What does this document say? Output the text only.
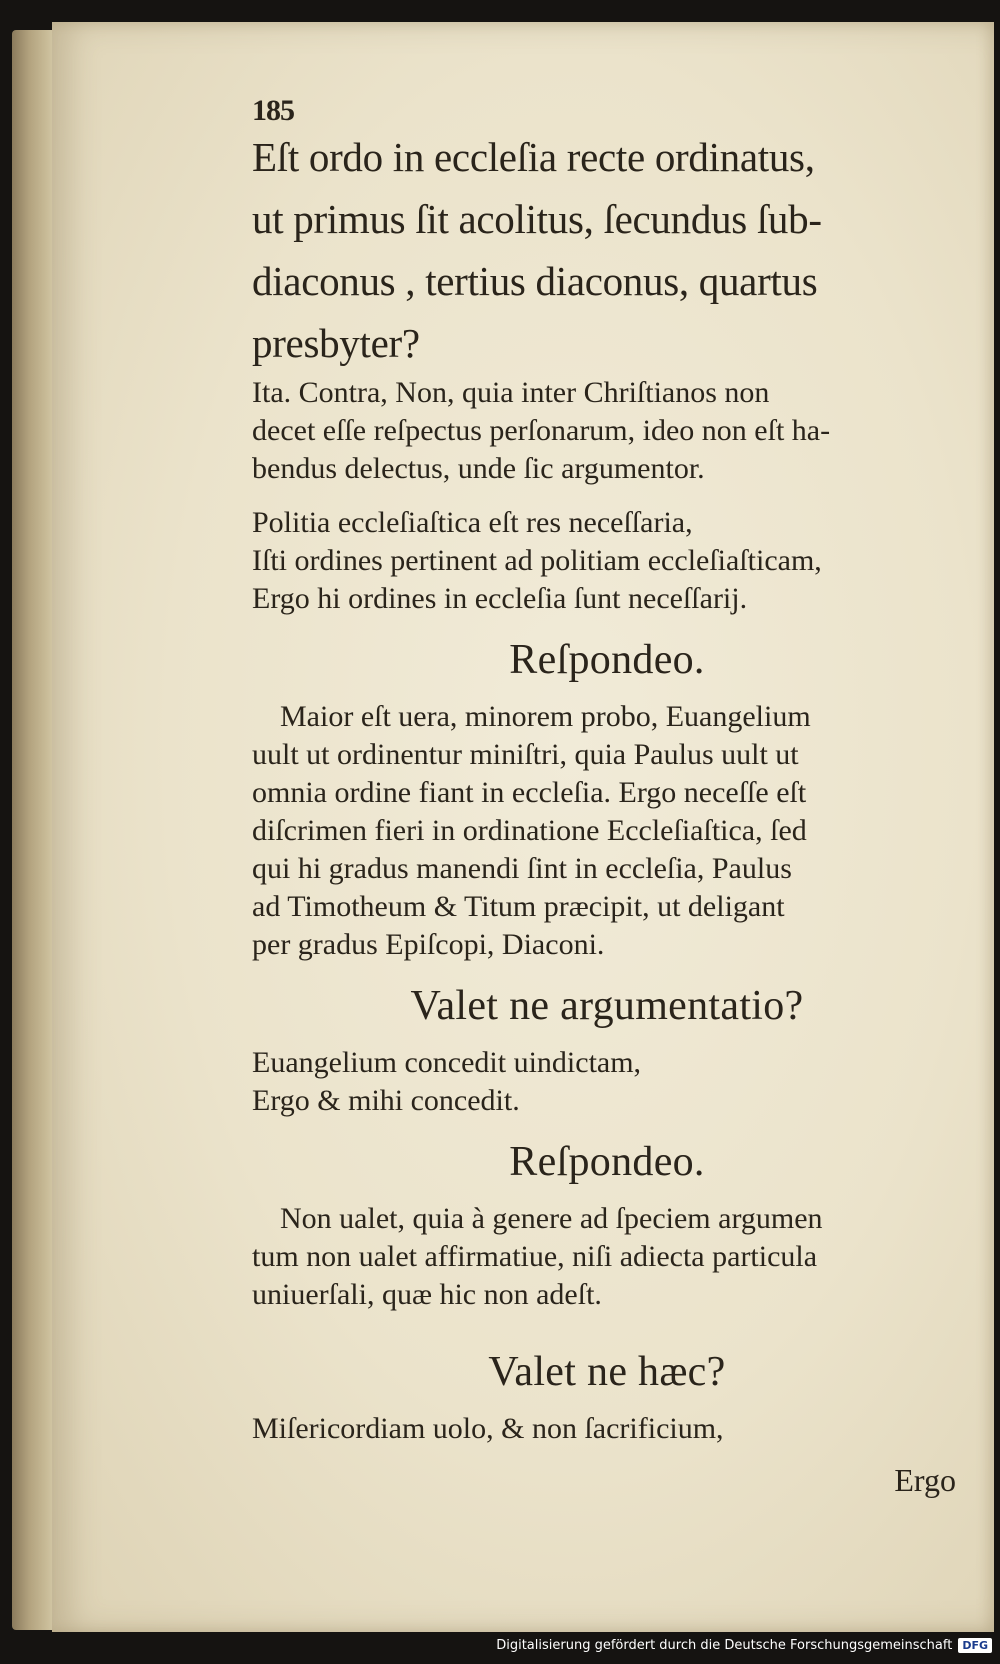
185
Eſt ordo in eccleſia recte ordinatus,
ut primus ſit acolitus, ſecundus ſub-
diaconus , tertius diaconus, quartus
presbyter?

Ita. Contra, Non, quia inter Chriſtianos non

decet eſſe reſpectus perſonarum, ideo non eſt ha-

bendus delectus, unde ſic argumentor.

Politia eccleſiaſtica eſt res neceſſaria,

Iſti ordines pertinent ad politiam eccleſiaſticam,

Ergo hi ordines in eccleſia ſunt neceſſarij.

Reſpondeo.

Maior eſt uera, minorem probo, Euangelium

uult ut ordinentur miniſtri, quia Paulus uult ut

omnia ordine fiant in eccleſia. Ergo neceſſe eſt

diſcrimen fieri in ordinatione Eccleſiaſtica, ſed

qui hi gradus manendi ſint in eccleſia, Paulus

ad Timotheum & Titum præcipit, ut deligant

per gradus Epiſcopi, Diaconi.

Valet ne argumentatio?

Euangelium concedit uindictam,

Ergo & mihi concedit.

Reſpondeo.

Non ualet, quia à genere ad ſpeciem argumen

tum non ualet affirmatiue, niſi adiecta particula

uniuerſali, quæ hic non adeſt.

Valet ne hæc?

Miſericordiam uolo, & non ſacrificium,

Ergo
Digitalisierung gefördert durch die Deutsche Forschungsgemeinschaft DFG
